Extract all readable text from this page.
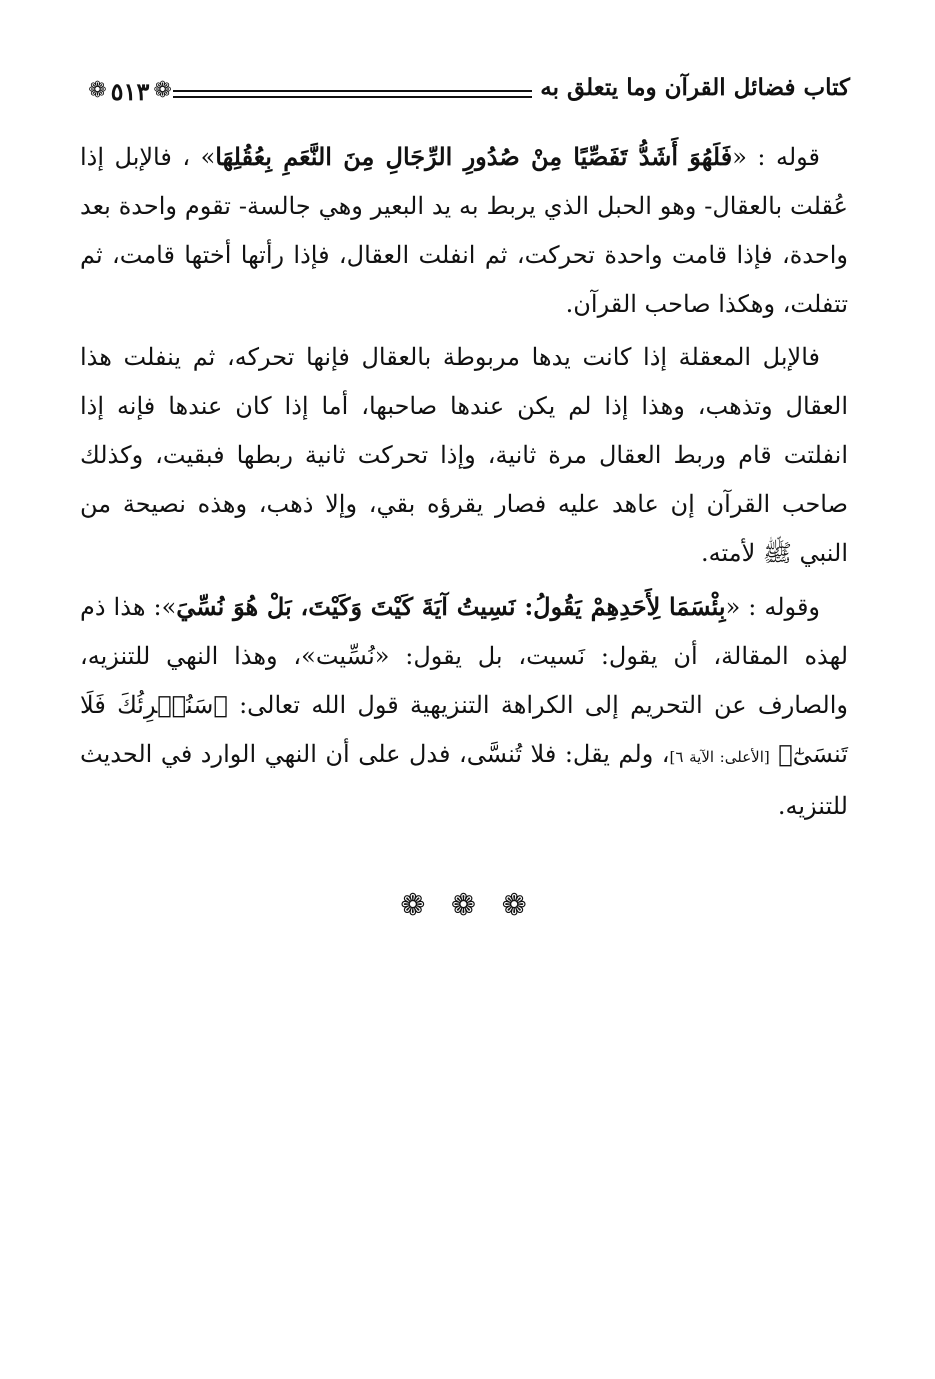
❁ ٥١٣ ❁	كتاب فضائل القرآن وما يتعلق به

قوله : «فَلَهُوَ أَشَدُّ تَفَصِّيًا مِنْ صُدُورِ الرِّجَالِ مِنَ النَّعَمِ بِعُقُلِهَا» ، فالإبل إذا عُقلت بالعقال- وهو الحبل الذي يربط به يد البعير وهي جالسة- تقوم واحدة بعد واحدة، فإذا قامت واحدة تحركت، ثم انفلت العقال، فإذا رأتها أختها قامت، ثم تتفلت، وهكذا صاحب القرآن.

فالإبل المعقلة إذا كانت يدها مربوطة بالعقال فإنها تحركه، ثم ينفلت هذا العقال وتذهب، وهذا إذا لم يكن عندها صاحبها، أما إذا كان عندها فإنه إذا انفلتت قام وربط العقال مرة ثانية، وإذا تحركت ثانية ربطها فبقيت، وكذلك صاحب القرآن إن عاهد عليه فصار يقرؤه بقي، وإلا ذهب، وهذه نصيحة من النبي ﷺ لأمته.

وقوله : «بِئْسَمَا لِأَحَدِهِمْ يَقُولُ: نَسِيتُ آيَةَ كَيْتَ وَكَيْتَ، بَلْ هُوَ نُسِّيَ»: هذا ذم لهذه المقالة، أن يقول: نَسيت، بل يقول: «نُسِّيت»، وهذا النهي للتنزيه، والصارف عن التحريم إلى الكراهة التنزيهية قول الله تعالى: ﴿سَنُقۡرِئُكَ فَلَا تَنسَىٰٓ﴾ [الأعلى: الآية ٦]، ولم يقل: فلا تُنسَّى، فدل على أن النهي الوارد في الحديث للتنزيه.

❁ ❁ ❁
